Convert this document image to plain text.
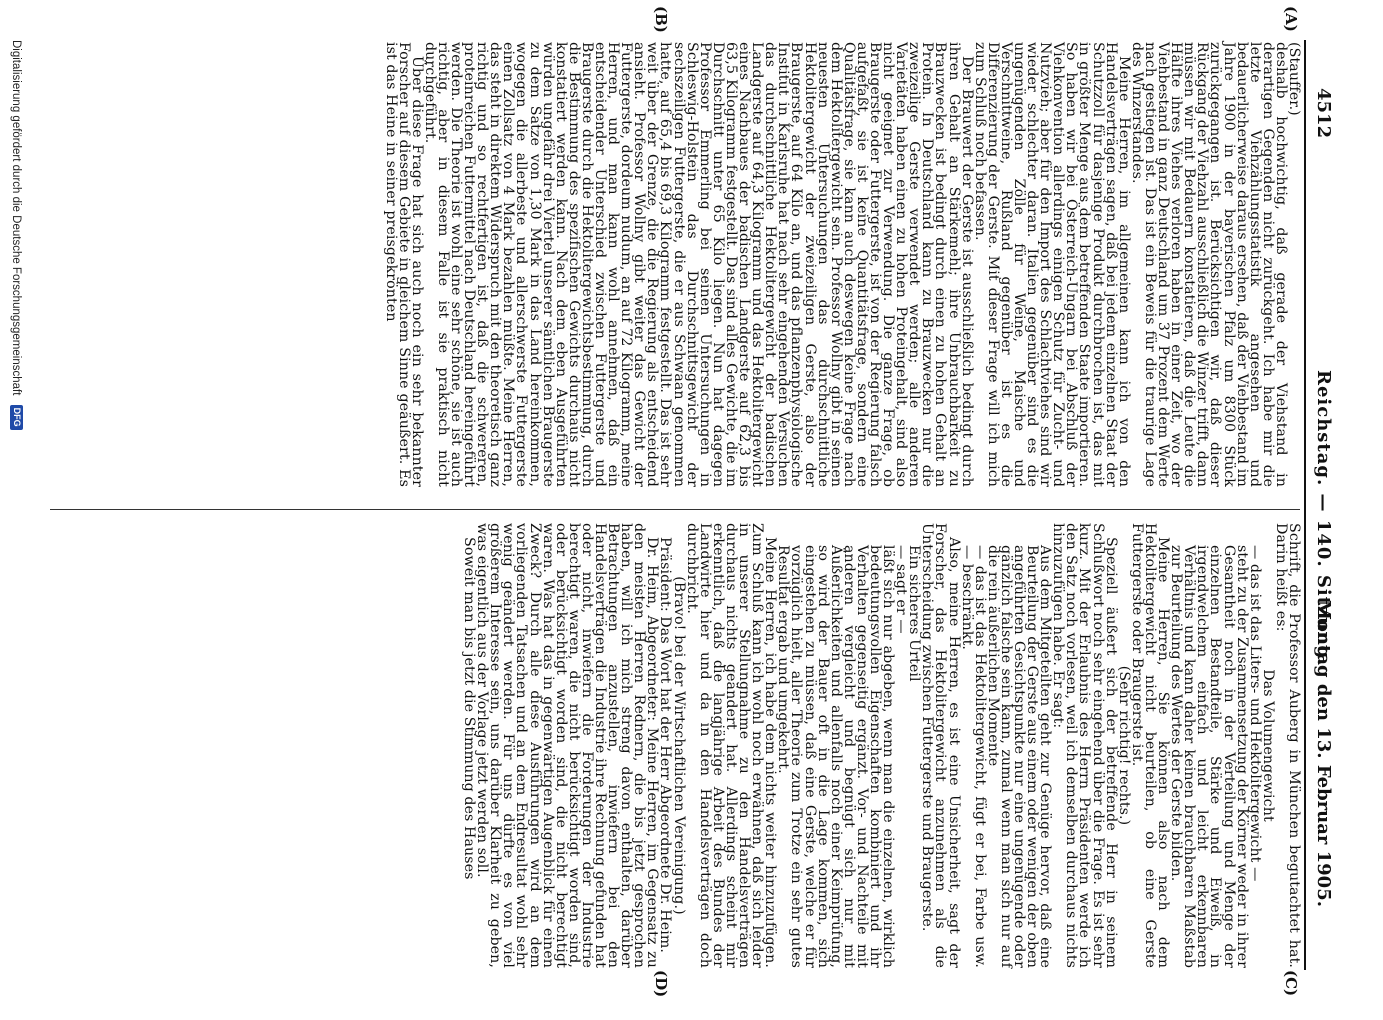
4512
Reichstag. — 140. Sitzung.
Montag den 13. Februar 1905.
(A)
(B)
(C)
(D)

(Stauffer.)

deshalb hochwichtig, daß gerade der Viehstand in derartigen Gegenden nicht zurückgeht. Ich habe mir die letzte Viehzählungsstatistik angesehen und bedauerlicherweise daraus ersehen, daß der Viehbestand im Jahre 1900 in der bayerischen Pfalz um 8300 Stück zurückgegangen ist. Berücksichtigen wir, daß dieser Rückgang der Viehzahl ausschließlich die Winzer trifft, dann müssen wir mit Bedauern konstatieren, daß die Leute die Hälfte ihres Viehes verloren haben in einer Zeit, wo der Viehbestand in ganz Deutschland um 37 Prozent dem Werte nach gestiegen ist. Das ist ein Beweis für die traurige Lage des Winzerstandes.

Meine Herren, im allgemeinen kann ich von den Handelsverträgen sagen, daß bei jedem einzelnen Staat der Schutzzoll für dasjenige Produkt durchbrochen ist, das mit in größter Menge aus dem betreffenden Staate importieren. So haben wir bei Österreich-Ungarn bei Abschluß der Viehkonvention allerdings einigen Schutz für Zucht- und Nutzvieh; aber für den Import des Schlachtviehes sind wir wieder schlechter daran. Italien gegenüber sind es die ungenügenden Zölle für Weine, Maische und Verschnittweine, Rußland gegenüber ist es die Differenzierung der Gerste. Mit dieser Frage will ich mich zum Schluß noch befassen.

Der Brauwert der Gerste ist ausschließlich bedingt durch ihren Gehalt an Stärkemehl; ihre Unbrauchbarkeit zu Brauzwecken ist bedingt durch einen zu hohen Gehalt an Protein. In Deutschland kann zu Brauzwecken nur die zweizeilige Gerste verwendet werden; alle anderen Varietäten haben einen zu hohen Proteingehalt, sind also nicht geeignet zur Verwendung. Die ganze Frage, ob Braugerste oder Futtergerste, ist von der Regierung falsch aufgefaßt, sie ist keine Quantitätsfrage, sondern eine Qualitätsfrage, sie kann auch deswegen keine Frage nach dem Hektolitergewicht sein. Professor Wollny gibt in seinen neuesten Untersuchungen das durchschnittliche Hektolitergewicht der zweizeiligen Gerste, also der Braugerste, auf 64 Kilo an, und das pflanzenphysiologische Institut in Karlsruhe hat nach sehr eingehenden Versuchen das durchschnittliche Hektolitergewicht der badischen Landgerste auf 64,3 Kilogramm und das Hektolitergewicht eines Nachbaues der badischen Landgerste auf 62,3 bis 63,5 Kilogramm festgestellt. Das sind alles Gewichte, die im Durchschnitt unter 65 Kilo liegen. Nun hat dagegen Professor Emmerling bei seinen Untersuchungen in Schleswig-Holstein das Durchschnittsgewicht der sechszeiligen Futtergerste, die er aus Schwaan genommen hatte, auf 65,4 bis 69,3 Kilogramm festgestellt. Das ist sehr weit über der Grenze, die die Regierung als entscheidend ansieht. Professor Wollny gibt weiter das Gewicht der Futtergerste, dordeum nudum, an auf 72 Kilogramm, meine Herren, und man kann wohl annehmen, daß ein entscheidender Unterschied zwischen Futtergerste und Braugerste durch die Hektolitergewichtsbestimmung, durch die Bestimmung des spezifischen Gewichts durchaus nicht konstatiert werden kann. Nach dem eben Ausgeführten würden ungefähr drei Viertel unserer sämtlichen Braugerste zu dem Satze von 1,30 Mark in das Land hereinkommen, wogegen die allerbeste und allerschwerste Futtergerste einen Zollsatz von 4 Mark bezahlen müßte. Meine Herren, das steht in direktem Widerspruch mit den theoretisch ganz richtig und so rechtfertigen ist, daß die schwereren, proteinreichen Futtermittel nach Deutschland hereingeführt werden. Die Theorie ist wohl eine sehr schöne, sie ist auch richtig, aber in diesem Falle ist sie praktisch nicht durchgeführt.

Über diese Frage hat sich auch noch ein sehr bekannter Forscher auf diesem Gebiete in gleichem Sinne geäußert. Es ist das Heine in seiner preisgekrönten

Schrift, die Professor Auberg in München begutachtet hat. Darin heißt es:

Das Volumengewicht

— das ist das Liters- und Hektolitergewicht —

steht zu der Zusammensetzung der Körner weder in ihrer Gesamtheit noch in der Verteilung und Menge der einzelnen Bestandteile, Stärke und Eiweiß, in irgendwelchem einfach und leicht erkennbaren Verhältnis und kann daher keinen brauchbaren Maßstab zur Beurteilung des Wertes der Gerste bilden.

Meine Herren, Sie können also nach dem Hektolitergewicht nicht beurteilen, ob eine Gerste Futtergerste oder Braugerste ist.

(Sehr richtig! rechts.)

Speziell äußert sich der betreffende Herr in seinem Schlußwort noch sehr eingehend über die Frage. Es ist sehr kurz. Mit der Erlaubnis des Herrn Präsidenten werde ich den Satz noch vorlesen, weil ich demselben durchaus nichts hinzuzufügen habe. Er sagt:

Aus dem Mitgeteilten geht zur Genüge hervor, daß eine Beurteilung der Gerste aus einem oder wenigen der oben angeführten Gesichtspunkte nur eine ungenügende oder gänzlich falsche sein kann, zumal wenn man sich nur auf die rein äußerlichen Momente

— das ist das Hektolitergewicht, fügt er bei, Farbe usw. — beschränkt.

Also, meine Herren, es ist eine Unsicherheit, sagt der Forscher, das Hektolitergewicht anzunehmen als die Unterscheidung zwischen Futtergerste und Braugerste.

Ein sicheres Urteil

— sagt er —

läßt sich nur abgeben, wenn man die einzelnen, wirklich bedeutungsvollen Eigenschaften kombiniert und ihr Verhalten gegenseitig ergänzt. Vor- und Nachteile mit anderen vergleicht und begnügt sich nur mit Äußerlichkeiten und allenfalls noch einer Keimprüfung, so wird der Bauer oft in die Lage kommen, sich eingestehen zu müssen, daß eine Gerste, welche er für vorzüglich hielt, aller Theorie zum Trotze ein sehr gutes Resultat ergab und umgekehrt.

Meine Herren, ich habe dem nichts weiter hinzuzufügen. Zum Schluß kann ich wohl noch erwähnen, daß sich leider in unserer Stellungnahme zu den Handelsverträgen durchaus nichts geändert hat. Allerdings scheint mir erkenntlich, daß die langjährige Arbeit des Bundes der Landwirte hier und da in den Handelsverträgen doch durchbricht.

(Bravo! bei der Wirtschaftlichen Vereinigung.)

Präsident: Das Wort hat der Herr Abgeordnete Dr. Heim.

Dr. Heim, Abgeordneter: Meine Herren, im Gegensatz zu den meisten Herren Rednern, die bis jetzt gesprochen haben, will ich mich streng davon enthalten, darüber Betrachtungen anzustellen, inwiefern bei den Handelsverträgen die Industrie ihre Rechnung gefunden hat oder nicht, inwiefern die Forderungen der Industrie berechtigt waren, die nicht berücksichtigt worden sind, oder berücksichtigt worden sind, die nicht berechtigt waren. Was hat das in gegenwärtigen Augenblick für einen Zweck? Durch alle diese Ausführungen wird an dem vorliegenden Tatsachen und an dem Endresultat wohl sehr wenig geändert werden. Für uns dürfte es von viel größerem Interesse sein, uns darüber Klarheit zu geben, was eigentlich aus der Vorlage jetzt werden soll.

Soweit man bis jetzt die Stimmung des Hauses

Digitalisierung gefördert durch die Deutsche Forschungsgemeinschaft DFG
